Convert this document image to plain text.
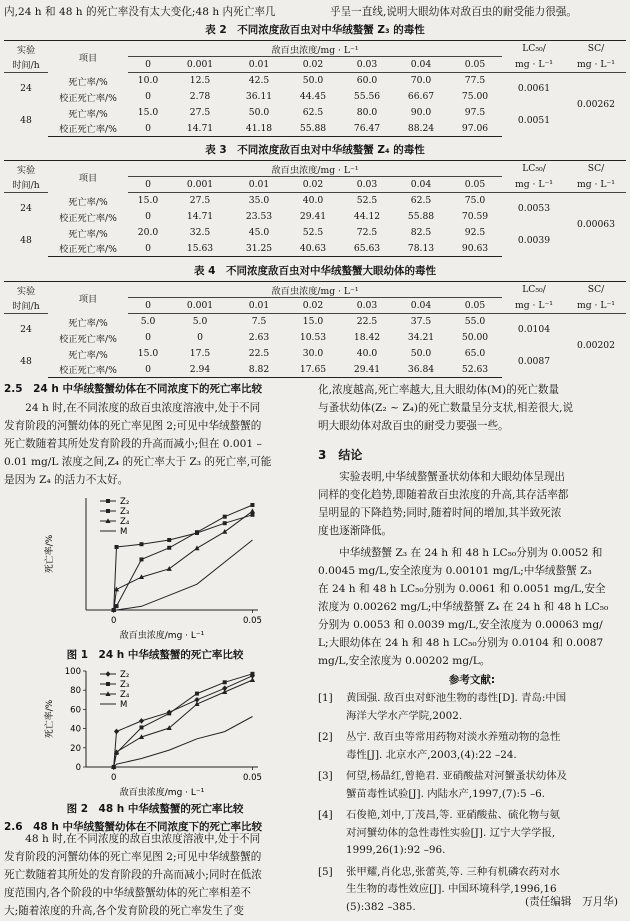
内,24 h 和 48 h 的死亡率没有太大变化;48 h 内死亡率几	乎呈一直线,说明大眼幼体对敌百虫的耐受能力很强。
表 2　不同浓度敌百虫对中华绒螯蟹 Z₃ 的毒性
实验	项目	敌百虫浓度/mg · L⁻¹							LC₅₀/	SC/
时间/h		0	0.001	0.01	0.02	0.03	0.04	0.05	mg · L⁻¹	mg · L⁻¹
24	死亡率/%	10.0	12.5	42.5	50.0	60.0	70.0	77.5	0.0061	0.00262
	校正死亡率/%	0	2.78	36.11	44.45	55.56	66.67	75.00		
48	死亡率/%	15.0	27.5	50.0	62.5	80.0	90.0	97.5	0.0051	
	校正死亡率/%	0	14.71	41.18	55.88	76.47	88.24	97.06		
表 3　不同浓度敌百虫对中华绒螯蟹 Z₄ 的毒性
实验	项目	敌百虫浓度/mg · L⁻¹							LC₅₀/	SC/
时间/h		0	0.001	0.01	0.02	0.03	0.04	0.05	mg · L⁻¹	mg · L⁻¹
24	死亡率/%	15.0	27.5	35.0	40.0	52.5	62.5	75.0	0.0053	0.00063
	校正死亡率/%	0	14.71	23.53	29.41	44.12	55.88	70.59		
48	死亡率/%	20.0	32.5	45.0	52.5	72.5	82.5	92.5	0.0039	
	校正死亡率/%	0	15.63	31.25	40.63	65.63	78.13	90.63		
表 4　不同浓度敌百虫对中华绒螯蟹大眼幼体的毒性
实验	项目	敌百虫浓度/mg · L⁻¹							LC₅₀/	SC/
时间/h		0	0.001	0.01	0.02	0.03	0.04	0.05	mg · L⁻¹	mg · L⁻¹
24	死亡率/%	5.0	5.0	7.5	15.0	22.5	37.5	55.0	0.0104	0.00202
	校正死亡率/%	0	0	2.63	10.53	18.42	34.21	50.00		
48	死亡率/%	15.0	17.5	22.5	30.0	40.0	50.0	65.0	0.0087	
	校正死亡率/%	0	2.94	8.82	17.65	29.41	36.84	52.63		
2.5　24 h 中华绒螯蟹幼体在不同浓度下的死亡率比较
　　24 h 时,在不同浓度的敌百虫浓度溶液中,处于不同
发育阶段的河蟹幼体的死亡率见图 2;可见中华绒螯蟹的
死亡数随着其所处发育阶段的升高而减小;但在 0.001 –
0.01 mg/L 浓度之间,Z₄ 的死亡率大于 Z₃ 的死亡率,可能
是因为 Z₄ 的活力不太好。
死亡率/%
0	0.05
敌百虫浓度/mg · L⁻¹
Z₂
Z₃
Z₄
M
图 1　24 h 中华绒螯蟹的死亡率比较
死亡率/%
0
20
40
60
80
100
0	0.05
敌百虫浓度/mg · L⁻¹
Z₂
Z₃
Z₄
M
图 2　48 h 中华绒螯蟹的死亡率比较
2.6　48 h 中华绒螯蟹幼体在不同浓度下的死亡率比较
　　48 h 时,在不同浓度的敌百虫浓度溶液中,处于不同
发育阶段的河蟹幼体的死亡率见图 2;可见中华绒螯蟹的
死亡数随着其所处的发育阶段的升高而减小;同时在低浓
度范围内,各个阶段的中华绒螯蟹幼体的死亡率相差不
大;随着浓度的升高,各个发育阶段的死亡率发生了变
化,浓度越高,死亡率越大,且大眼幼体(M)的死亡数量
与蚤状幼体(Z₂ ~ Z₄)的死亡数量呈分支状,相差很大,说
明大眼幼体对敌百虫的耐受力要强一些。
3　结论
　　实验表明,中华绒螯蟹蚤状幼体和大眼幼体呈现出
同样的变化趋势,即随着敌百虫浓度的升高,其存活率都
呈明显的下降趋势;同时,随着时间的增加,其半致死浓
度也逐渐降低。
　　中华绒螯蟹 Z₃ 在 24 h 和 48 h LC₅₀分别为 0.0052 和
0.0045 mg/L,安全浓度为 0.00101 mg/L;中华绒螯蟹 Z₃
在 24 h 和 48 h LC₅₀分别为 0.0061 和 0.0051 mg/L,安全
浓度为 0.00262 mg/L;中华绒螯蟹 Z₄ 在 24 h 和 48 h LC₅₀
分别为 0.0053 和 0.0039 mg/L,安全浓度为 0.00063 mg/
L;大眼幼体在 24 h 和 48 h LC₅₀分别为 0.0104 和 0.0087
mg/L,安全浓度为 0.00202 mg/L。
参考文献:
[1] 黄国强. 敌百虫对虾池生物的毒性[D]. 青岛:中国
海洋大学水产学院,2002.
[2] 丛宁. 敌百虫等常用药物对淡水养殖动物的急性
毒性[J]. 北京水产,2003,(4):22 –24.
[3] 何望,杨晶红,曾艳君. 亚硝酸盐对河蟹蚤状幼体及
蟹苗毒性试验[J]. 内陆水产,1997,(7):5 –6.
[4] 石俊艳,刘中,丁茂昌,等. 亚硝酸盐、硫化物与氨
对河蟹幼体的急性毒性实验[J]. 辽宁大学学报,
1999,26(1):92 –96.
[5] 张甲耀,肖化忠,张蕾英,等. 三种有机磷农药对水
生生物的毒性效应[J]. 中国环境科学,1996,16
(5):382 –385.	(责任编辑　万月华)
